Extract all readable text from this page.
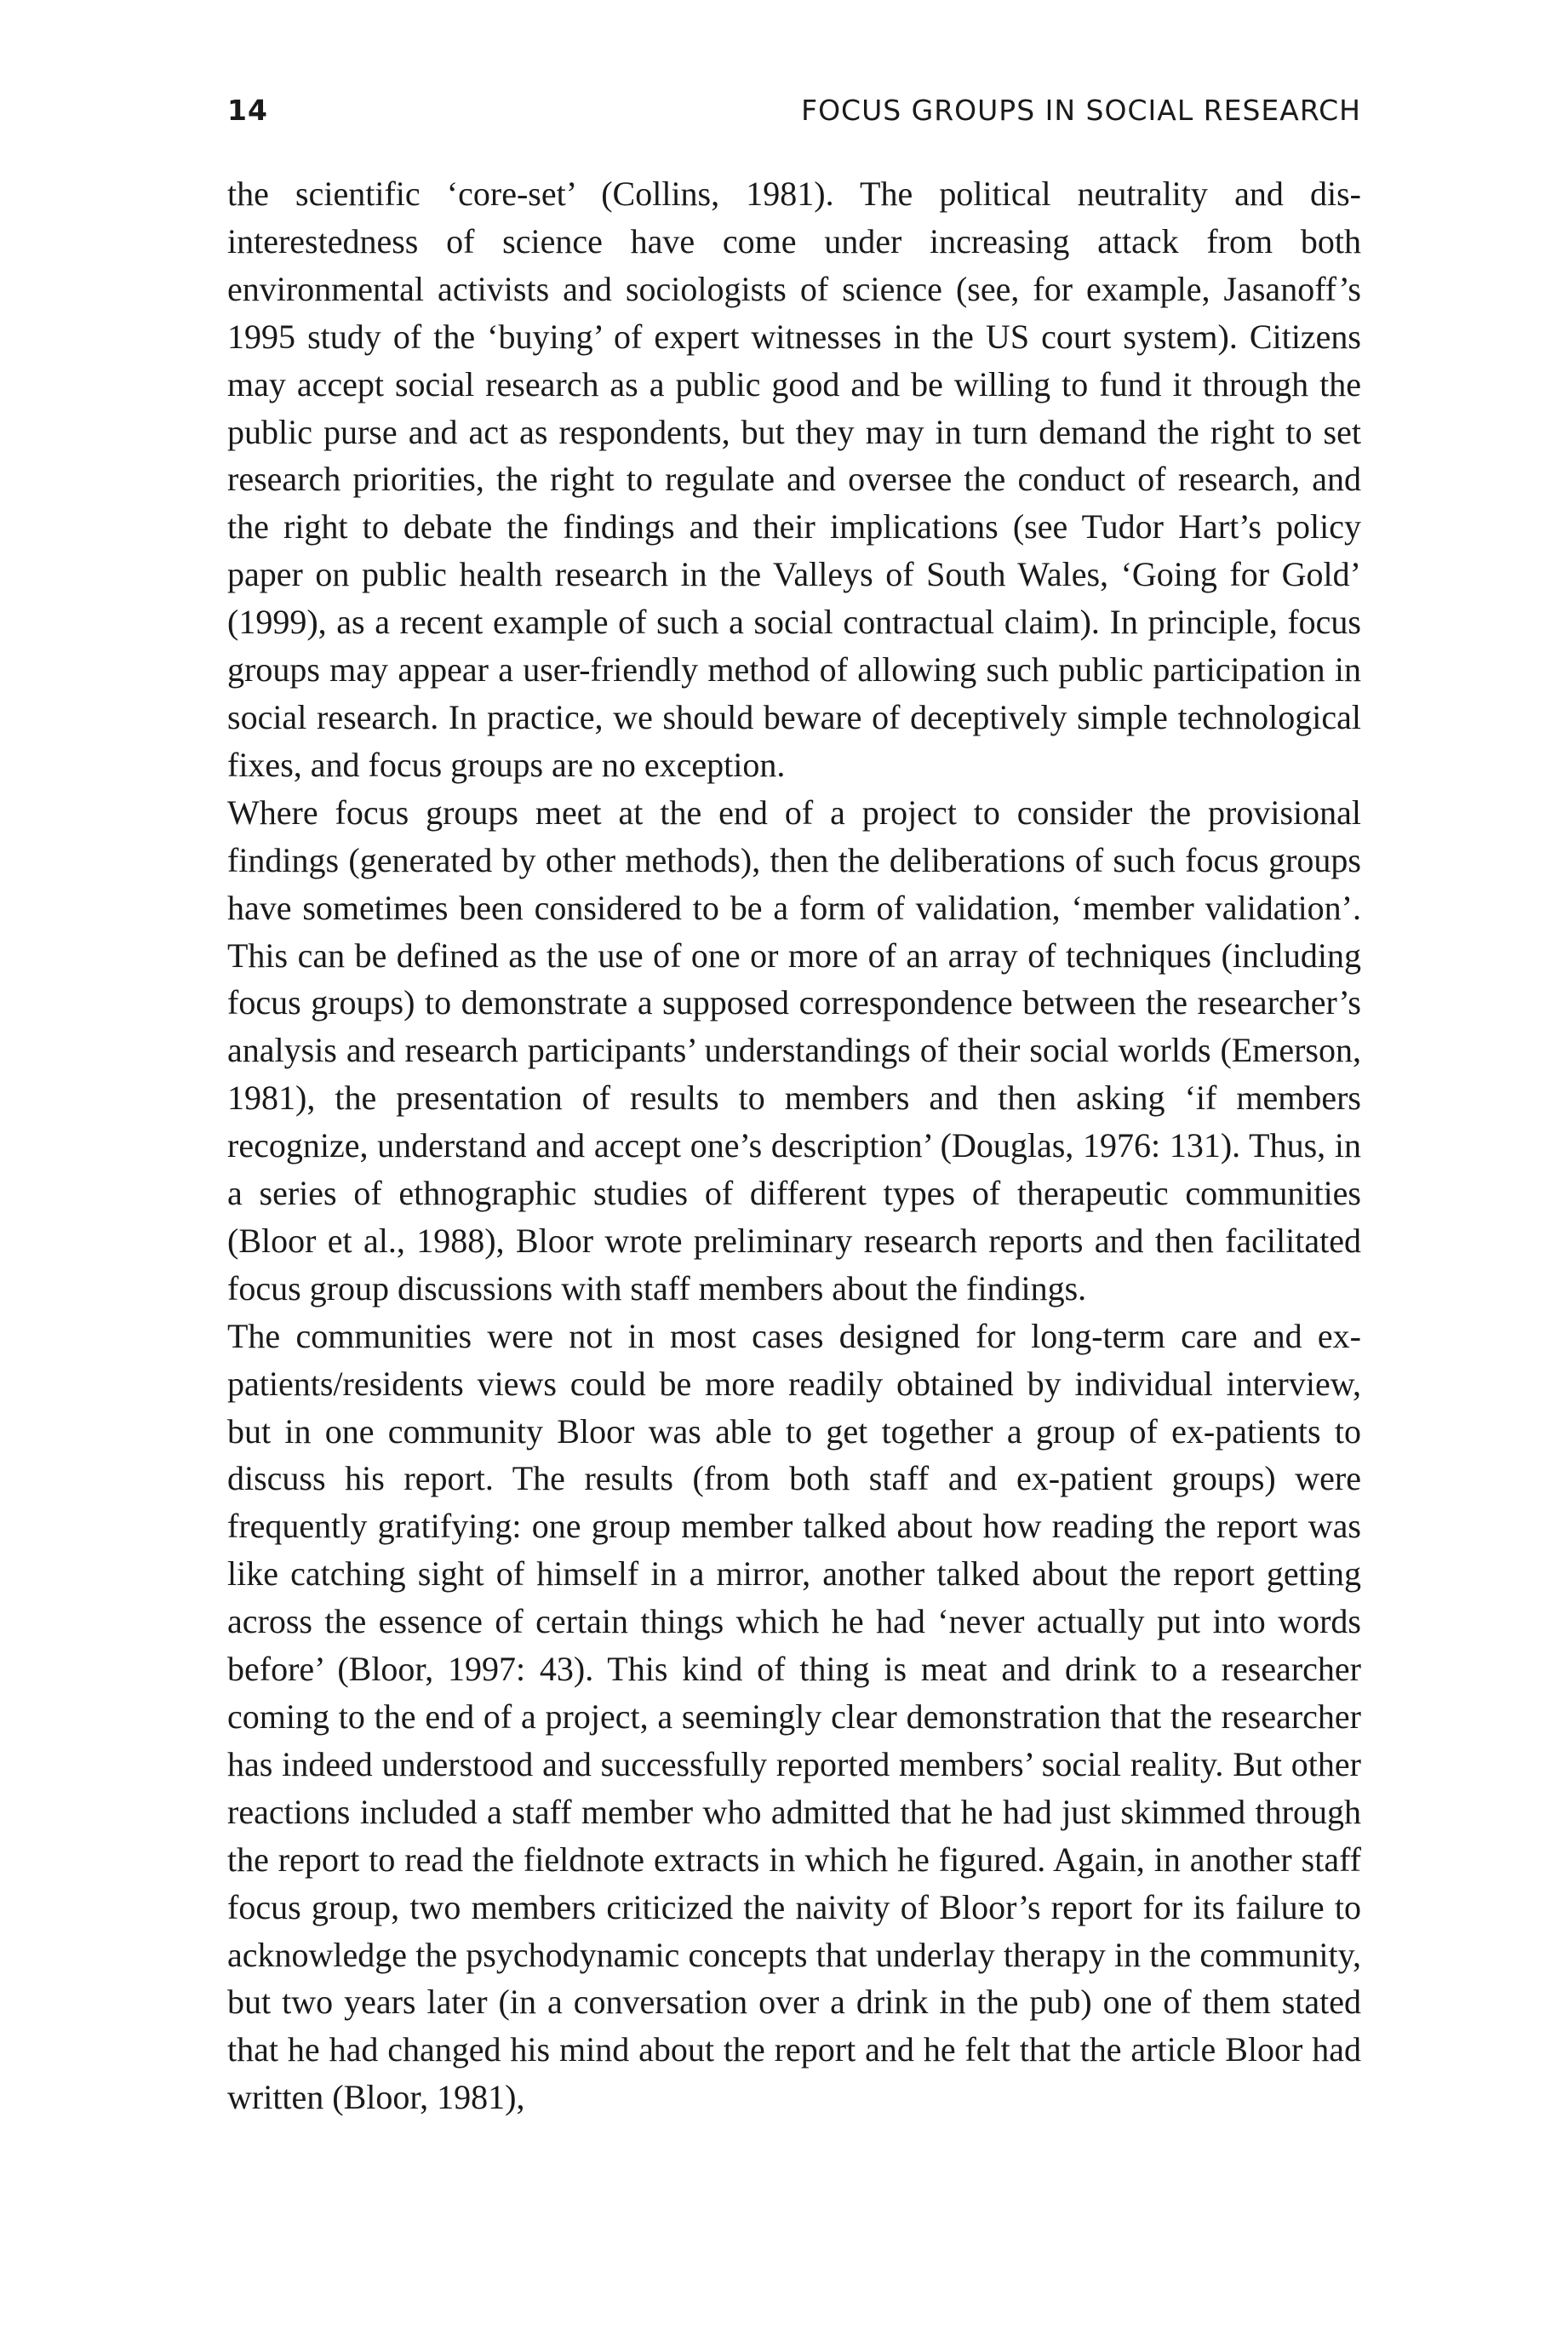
14	FOCUS GROUPS IN SOCIAL RESEARCH

the scientific ‘core-set’ (Collins, 1981). The political neutrality and disinterestedness of science have come under increasing attack from both environmental activists and sociologists of science (see, for example, Jasanoff’s 1995 study of the ‘buying’ of expert witnesses in the US court system). Citizens may accept social research as a public good and be willing to fund it through the public purse and act as respondents, but they may in turn demand the right to set research priorities, the right to regulate and oversee the conduct of research, and the right to debate the findings and their implications (see Tudor Hart’s policy paper on public health research in the Valleys of South Wales, ‘Going for Gold’ (1999), as a recent example of such a social contractual claim). In principle, focus groups may appear a user-friendly method of allowing such public participation in social research. In practice, we should beware of deceptively simple technological fixes, and focus groups are no exception.

Where focus groups meet at the end of a project to consider the provisional findings (generated by other methods), then the deliberations of such focus groups have sometimes been considered to be a form of validation, ‘member validation’. This can be defined as the use of one or more of an array of techniques (including focus groups) to demonstrate a supposed correspondence between the researcher’s analysis and research participants’ understandings of their social worlds (Emerson, 1981), the presentation of results to members and then asking ‘if members recognize, understand and accept one’s description’ (Douglas, 1976: 131). Thus, in a series of ethnographic studies of different types of therapeutic communities (Bloor et al., 1988), Bloor wrote preliminary research reports and then facilitated focus group discussions with staff members about the findings.

The communities were not in most cases designed for long-term care and ex-patients/residents views could be more readily obtained by individual interview, but in one community Bloor was able to get together a group of ex-patients to discuss his report. The results (from both staff and ex-patient groups) were frequently gratifying: one group member talked about how reading the report was like catching sight of himself in a mirror, another talked about the report getting across the essence of certain things which he had ‘never actually put into words before’ (Bloor, 1997: 43). This kind of thing is meat and drink to a researcher coming to the end of a project, a seemingly clear demonstration that the researcher has indeed understood and successfully reported members’ social reality. But other reactions included a staff member who admitted that he had just skimmed through the report to read the fieldnote extracts in which he figured. Again, in another staff focus group, two members criticized the naivity of Bloor’s report for its failure to acknowledge the psychodynamic concepts that underlay therapy in the community, but two years later (in a conversation over a drink in the pub) one of them stated that he had changed his mind about the report and he felt that the article Bloor had written (Bloor, 1981),
